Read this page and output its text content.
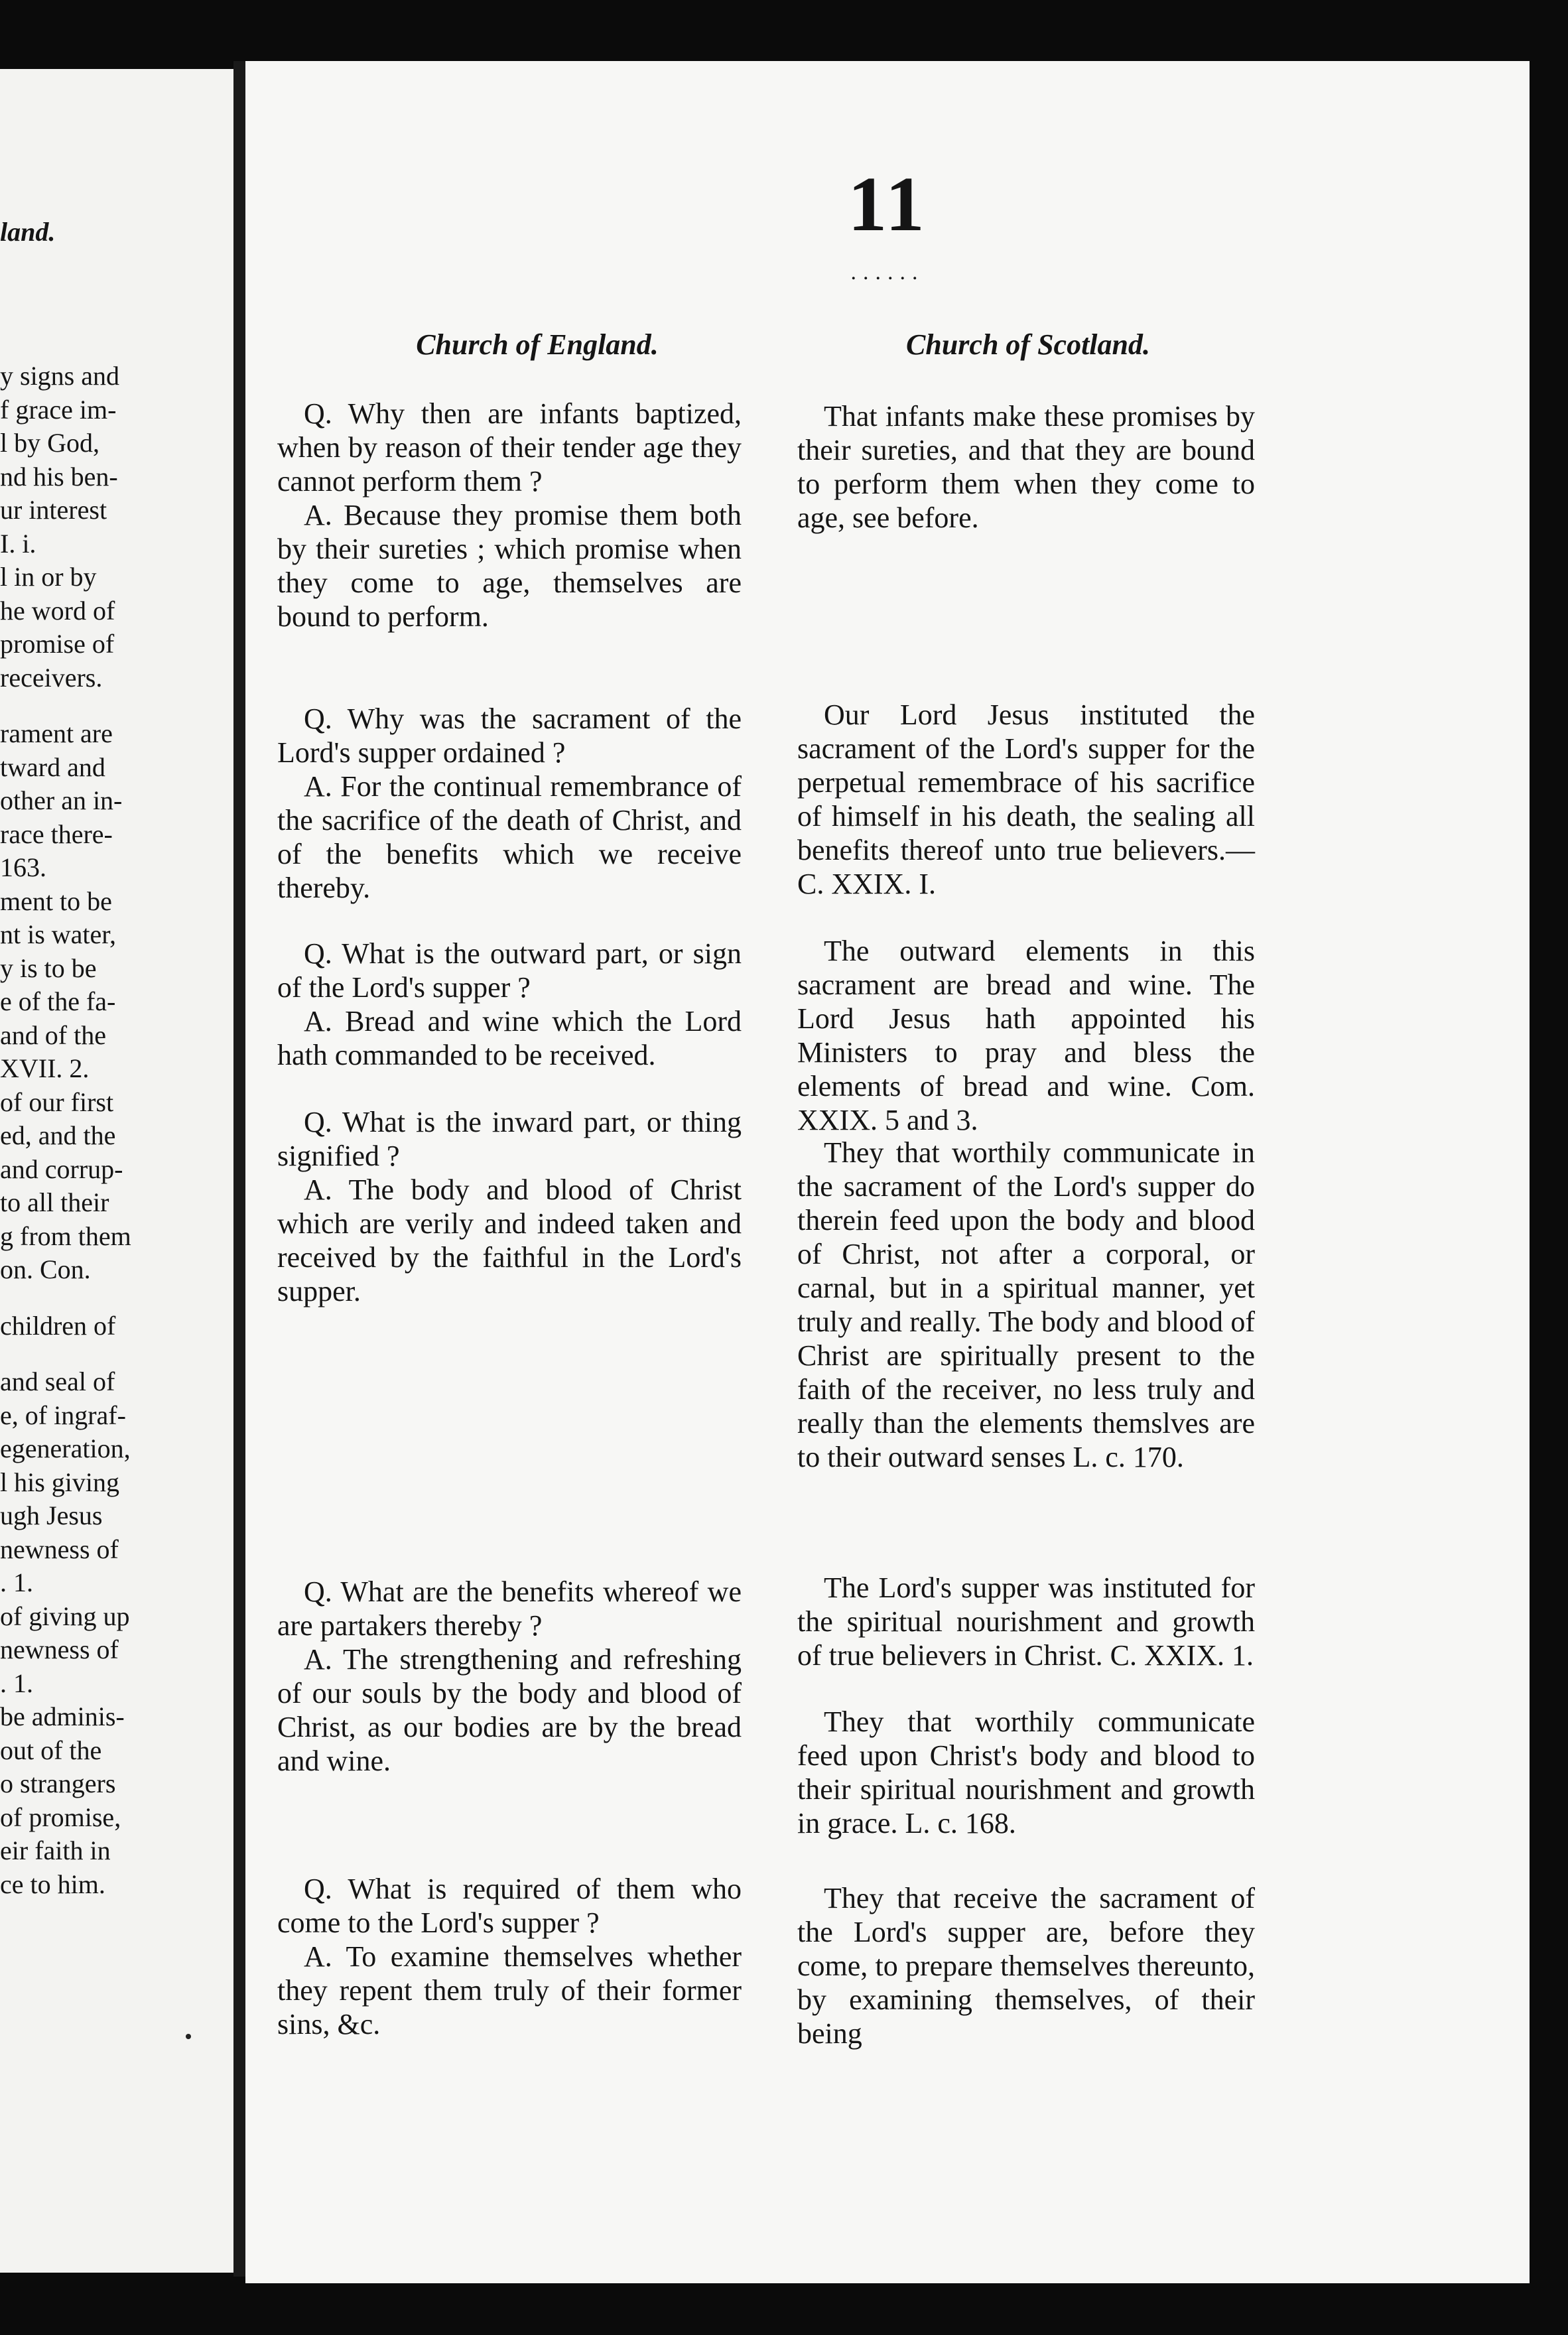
land.
y signs and
f grace im-
l by God,
nd his ben-
ur interest
I. i.
l in or by
he word of
promise of
receivers.
rament are
tward and
other an in-
race there-
163.
ment to be
nt is water,
y is to be
e of the fa-
and of the
XVII. 2.
of our first
ed, and the
and corrup-
to all their
g from them
on. Con.
children of
and seal of
e, of ingraf-
egeneration,
l his giving
ugh Jesus
newness of
. 1.
of giving up
newness of
. 1.
be adminis-
out of the
o strangers
of promise,
eir faith in
ce to him.
11
......
Church of England.	Church of Scotland.
Q. Why then are infants baptized, when by reason of their tender age they cannot perform them ?
A. Because they promise them both by their sureties ; which promise when they come to age, themselves are bound to perform.
Q. Why was the sacrament of the Lord's supper ordained ?
A. For the continual remembrance of the sacrifice of the death of Christ, and of the benefits which we receive thereby.
Q. What is the outward part, or sign of the Lord's supper ?
A. Bread and wine which the Lord hath commanded to be received.
Q. What is the inward part, or thing signified ?
A. The body and blood of Christ which are verily and indeed taken and received by the faithful in the Lord's supper.
Q. What are the benefits whereof we are partakers thereby ?
A. The strengthening and refreshing of our souls by the body and blood of Christ, as our bodies are by the bread and wine.
Q. What is required of them who come to the Lord's supper ?
A. To examine themselves whether they repent them truly of their former sins, &c.
That infants make these promises by their sureties, and that they are bound to perform them when they come to age, see before.
Our Lord Jesus instituted the sacrament of the Lord's supper for the perpetual remembrace of his sacrifice of himself in his death, the sealing all benefits thereof unto true believers.—C. XXIX. I.
The outward elements in this sacrament are bread and wine. The Lord Jesus hath appointed his Ministers to pray and bless the elements of bread and wine. Com. XXIX. 5 and 3.
They that worthily communicate in the sacrament of the Lord's supper do therein feed upon the body and blood of Christ, not after a corporal, or carnal, but in a spiritual manner, yet truly and really. The body and blood of Christ are spiritually present to the faith of the receiver, no less truly and really than the elements themslves are to their outward senses L. c. 170.
The Lord's supper was instituted for the spiritual nourishment and growth of true believers in Christ. C. XXIX. 1.
They that worthily communicate feed upon Christ's body and blood to their spiritual nourishment and growth in grace. L. c. 168.
They that receive the sacrament of the Lord's supper are, before they come, to prepare themselves thereunto, by examining themselves, of their being
